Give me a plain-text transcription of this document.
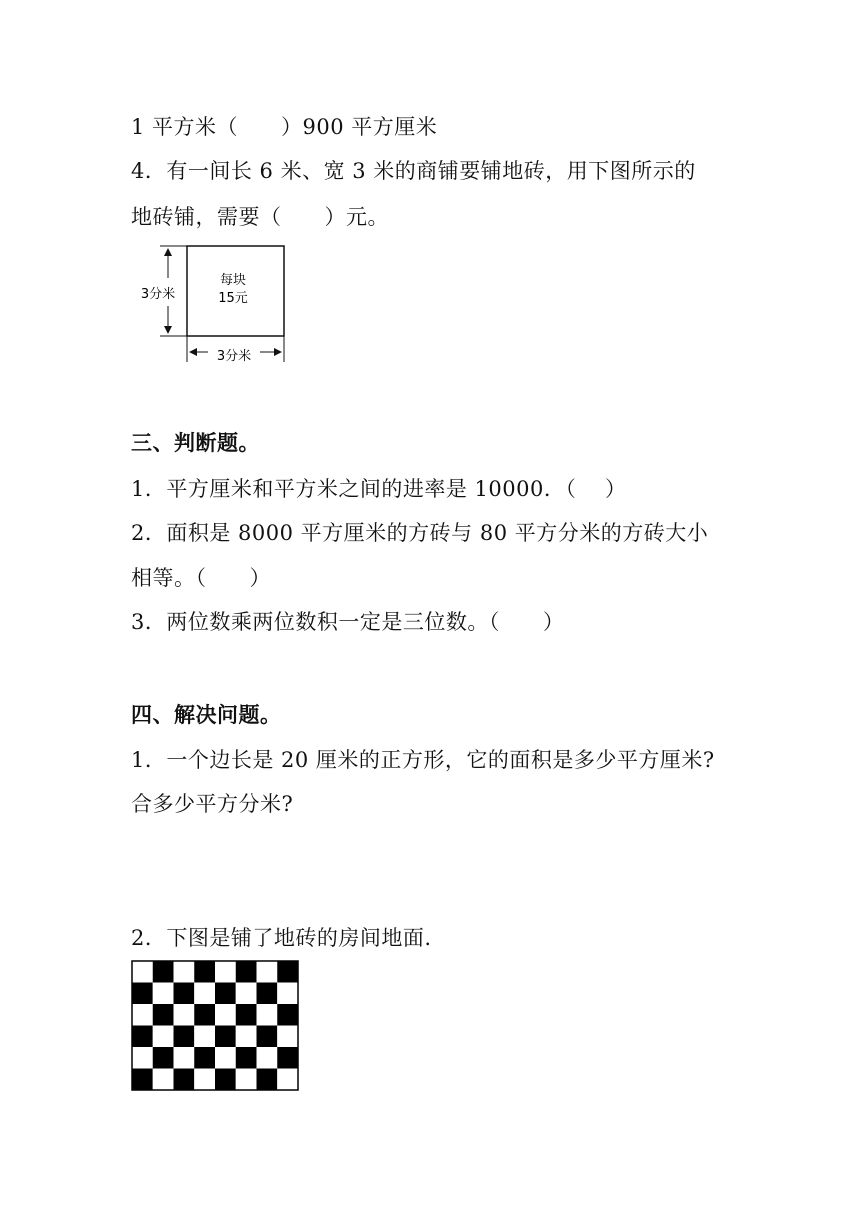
1 平方米（　　）900 平方厘米
4．有一间长 6 米、宽 3 米的商铺要铺地砖，用下图所示的
地砖铺，需要（　　）元。
每块
15元
3分米
3分米
三、判断题。
1．平方厘米和平方米之间的进率是 10000．（　 ）
2．面积是 8000 平方厘米的方砖与 80 平方分米的方砖大小
相等。（　　）
3．两位数乘两位数积一定是三位数。（　　）
四、解决问题。
1．一个边长是 20 厘米的正方形，它的面积是多少平方厘米?
合多少平方分米?
2．下图是铺了地砖的房间地面.
